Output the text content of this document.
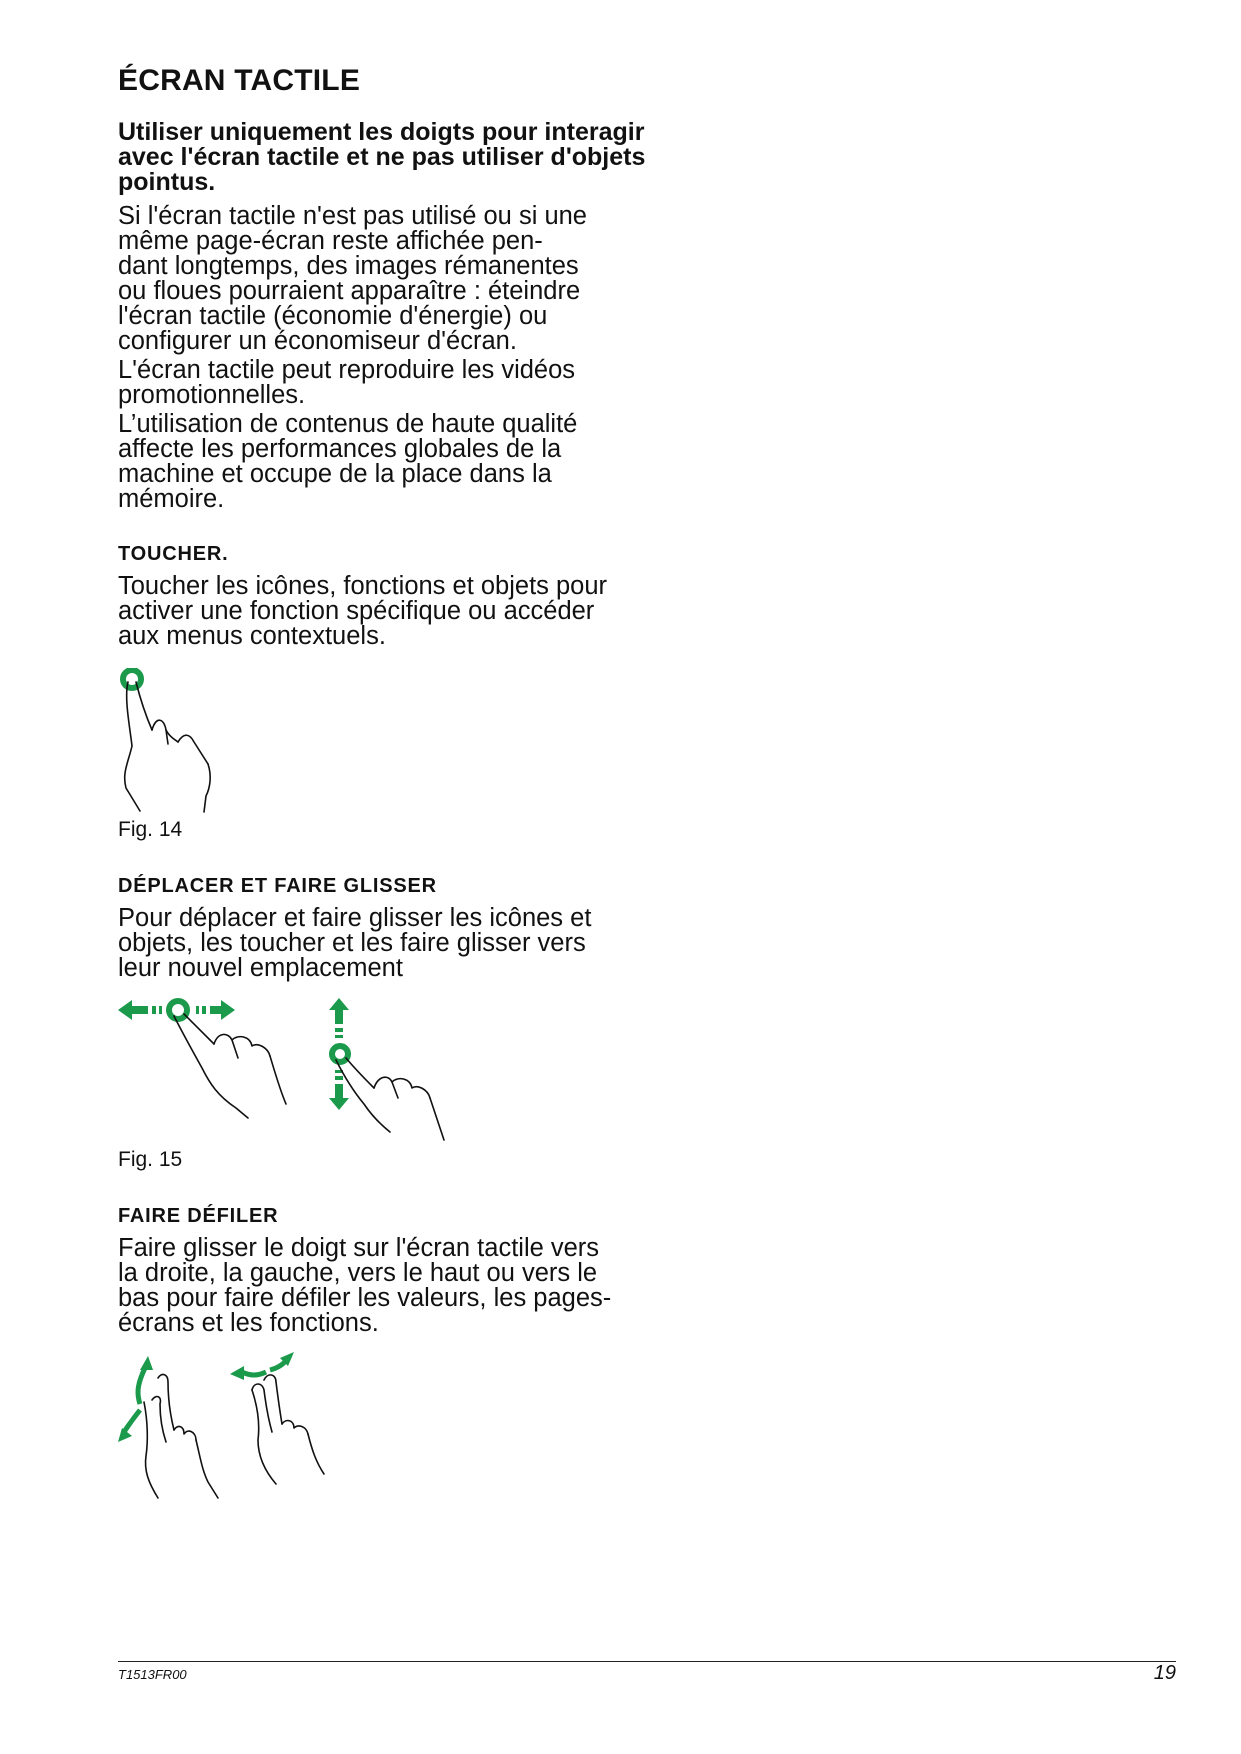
ÉCRAN TACTILE

Utiliser uniquement les doigts pour interagir avec l'écran tactile et ne pas utiliser d'objets pointus.

Si l'écran tactile n'est pas utilisé ou si une
même page-écran reste affichée pen-
dant longtemps, des images rémanentes
ou floues pourraient apparaître : éteindre
l'écran tactile (économie d'énergie) ou
configurer un économiseur d'écran.

L'écran tactile peut reproduire les vidéos
promotionnelles.

L’utilisation de contenus de haute qualité
affecte les performances globales de la
machine et occupe de la place dans la
mémoire.

TOUCHER.

Toucher les icônes, fonctions et objets pour
activer une fonction spécifique ou accéder
aux menus contextuels.

Fig. 14

DÉPLACER ET FAIRE GLISSER

Pour déplacer et faire glisser les icônes et
objets, les toucher et les faire glisser vers
leur nouvel emplacement

Fig. 15

FAIRE DÉFILER

Faire glisser le doigt sur l'écran tactile vers
la droite, la gauche, vers le haut ou vers le
bas pour faire défiler les valeurs, les pages-
écrans et les fonctions.

T1513FR00	19
